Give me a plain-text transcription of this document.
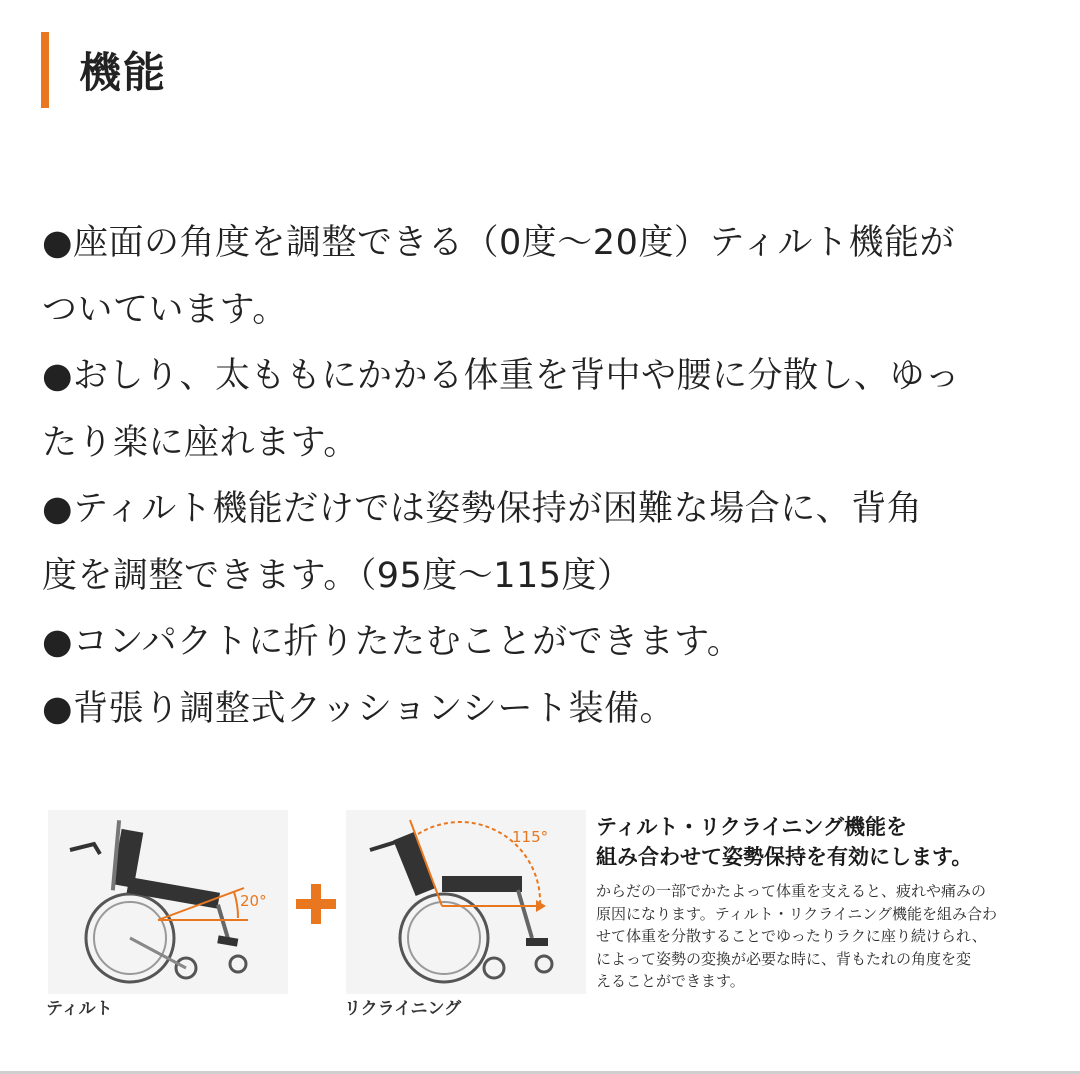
機能
●座面の角度を調整できる（0度〜20度）ティルト機能が
ついています。
●おしり、太ももにかかる体重を背中や腰に分散し、ゆっ
たり楽に座れます。
●ティルト機能だけでは姿勢保持が困難な場合に、背角
度を調整できます。（95度〜115度）
●コンパクトに折りたたむことができます。
●背張り調整式クッションシート装備。
20°
115°
ティルト	リクライニング
ティルト・リクライニング機能を
組み合わせて姿勢保持を有効にします。
からだの一部でかたよって体重を支えると、疲れや痛みの
原因になります。ティルト・リクライニング機能を組み合わ
せて体重を分散することでゆったりラクに座り続けられ、
によって姿勢の変換が必要な時に、背もたれの角度を変
えることができます。
